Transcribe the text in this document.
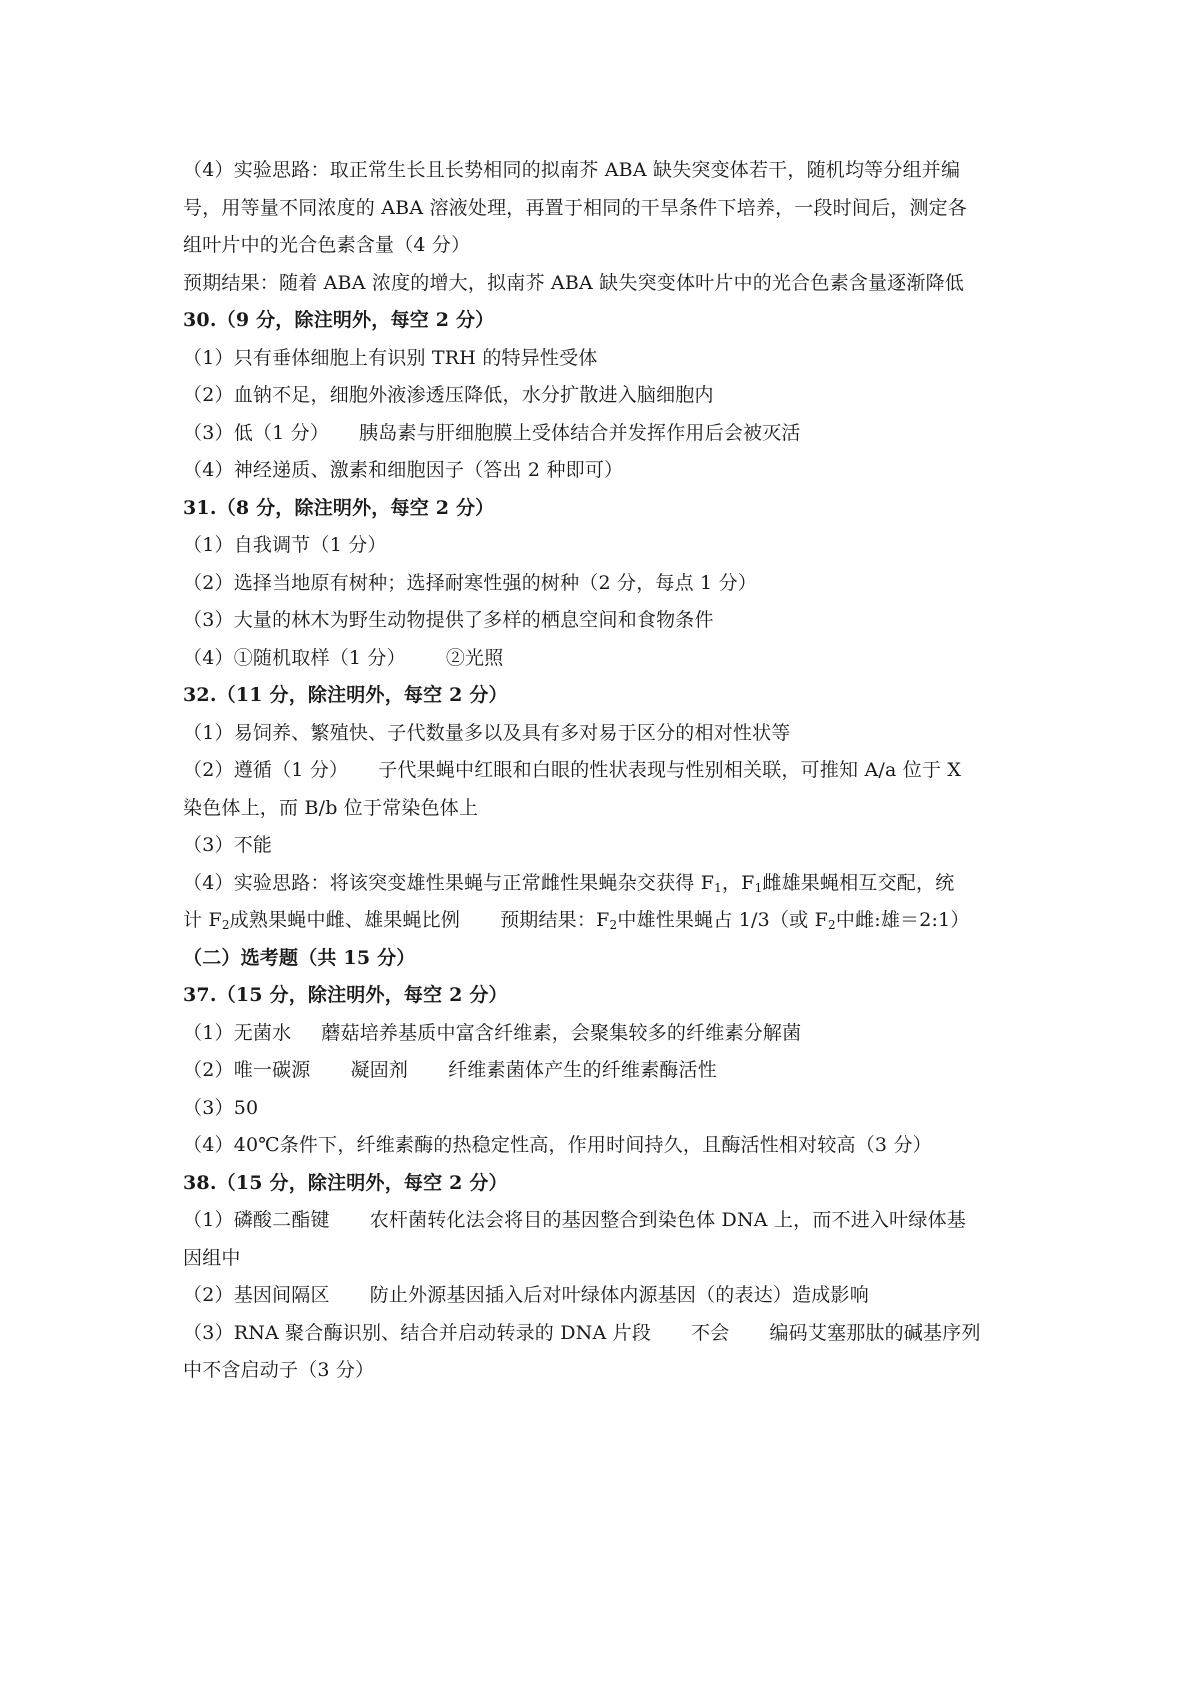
（4）实验思路：取正常生长且长势相同的拟南芥 ABA 缺失突变体若干，随机均等分组并编
号，用等量不同浓度的 ABA 溶液处理，再置于相同的干旱条件下培养，一段时间后，测定各
组叶片中的光合色素含量（4 分）
预期结果：随着 ABA 浓度的增大，拟南芥 ABA 缺失突变体叶片中的光合色素含量逐渐降低
30.（9 分，除注明外，每空 2 分）
（1）只有垂体细胞上有识别 TRH 的特异性受体
（2）血钠不足，细胞外液渗透压降低，水分扩散进入脑细胞内
（3）低（1 分） 胰岛素与肝细胞膜上受体结合并发挥作用后会被灭活
（4）神经递质、激素和细胞因子（答出 2 种即可）
31.（8 分，除注明外，每空 2 分）
（1）自我调节（1 分）
（2）选择当地原有树种；选择耐寒性强的树种（2 分，每点 1 分）
（3）大量的林木为野生动物提供了多样的栖息空间和食物条件
（4）①随机取样（1 分） ②光照
32.（11 分，除注明外，每空 2 分）
（1）易饲养、繁殖快、子代数量多以及具有多对易于区分的相对性状等
（2）遵循（1 分） 子代果蝇中红眼和白眼的性状表现与性别相关联，可推知 A/a 位于 X
染色体上，而 B/b 位于常染色体上
（3）不能
（4）实验思路：将该突变雄性果蝇与正常雌性果蝇杂交获得 $F_1$，$F_1$雌雄果蝇相互交配，统
计 $F_2$成熟果蝇中雌、雄果蝇比例 预期结果：$F_2$中雄性果蝇占 1/3（或 $F_2$中雌:雄＝2:1）
（二）选考题（共 15 分）
37.（15 分，除注明外，每空 2 分）
（1）无菌水 蘑菇培养基质中富含纤维素，会聚集较多的纤维素分解菌
（2）唯一碳源 凝固剂 纤维素菌体产生的纤维素酶活性
（3）50
（4）40℃条件下，纤维素酶的热稳定性高，作用时间持久，且酶活性相对较高（3 分）
38.（15 分，除注明外，每空 2 分）
（1）磷酸二酯键 农杆菌转化法会将目的基因整合到染色体 DNA 上，而不进入叶绿体基
因组中
（2）基因间隔区 防止外源基因插入后对叶绿体内源基因（的表达）造成影响
（3）RNA 聚合酶识别、结合并启动转录的 DNA 片段 不会 编码艾塞那肽的碱基序列
中不含启动子（3 分）
